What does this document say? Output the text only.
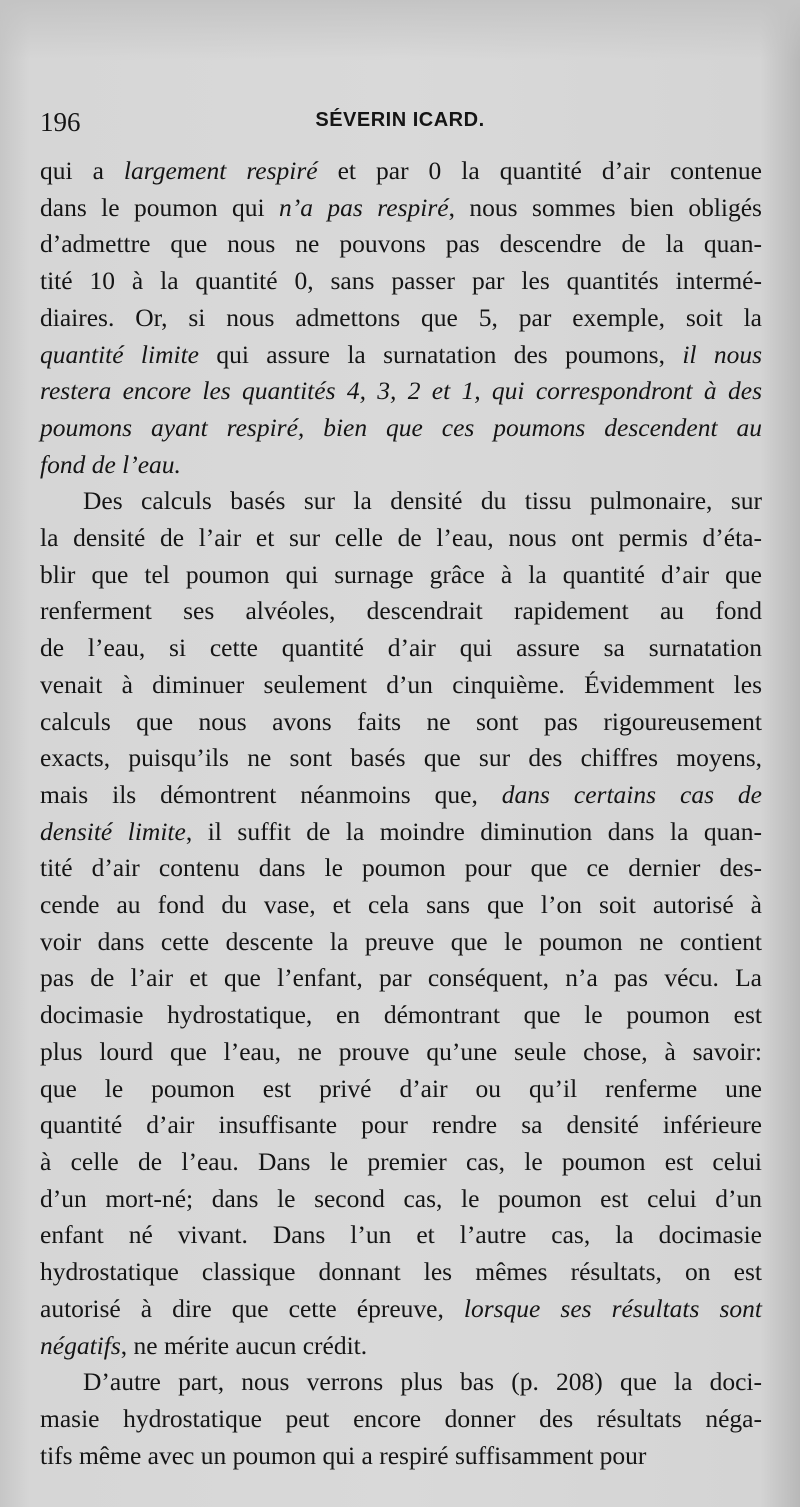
196	SÉVERIN ICARD.
qui a largement respiré et par 0 la quantité d’air contenue
dans le poumon qui n’a pas respiré, nous sommes bien obligés
d’admettre que nous ne pouvons pas descendre de la quan-
tité 10 à la quantité 0, sans passer par les quantités intermé-
diaires. Or, si nous admettons que 5, par exemple, soit la
quantité limite qui assure la surnatation des poumons, il nous
restera encore les quantités 4, 3, 2 et 1, qui correspondront à des
poumons ayant respiré, bien que ces poumons descendent au
fond de l’eau.
Des calculs basés sur la densité du tissu pulmonaire, sur
la densité de l’air et sur celle de l’eau, nous ont permis d’éta-
blir que tel poumon qui surnage grâce à la quantité d’air que
renferment ses alvéoles, descendrait rapidement au fond
de l’eau, si cette quantité d’air qui assure sa surnatation
venait à diminuer seulement d’un cinquième. Évidemment les
calculs que nous avons faits ne sont pas rigoureusement
exacts, puisqu’ils ne sont basés que sur des chiffres moyens,
mais ils démontrent néanmoins que, dans certains cas de
densité limite, il suffit de la moindre diminution dans la quan-
tité d’air contenu dans le poumon pour que ce dernier des-
cende au fond du vase, et cela sans que l’on soit autorisé à
voir dans cette descente la preuve que le poumon ne contient
pas de l’air et que l’enfant, par conséquent, n’a pas vécu. La
docimasie hydrostatique, en démontrant que le poumon est
plus lourd que l’eau, ne prouve qu’une seule chose, à savoir:
que le poumon est privé d’air ou qu’il renferme une
quantité d’air insuffisante pour rendre sa densité inférieure
à celle de l’eau. Dans le premier cas, le poumon est celui
d’un mort-né; dans le second cas, le poumon est celui d’un
enfant né vivant. Dans l’un et l’autre cas, la docimasie
hydrostatique classique donnant les mêmes résultats, on est
autorisé à dire que cette épreuve, lorsque ses résultats sont
négatifs, ne mérite aucun crédit.
D’autre part, nous verrons plus bas (p. 208) que la doci-
masie hydrostatique peut encore donner des résultats néga-
tifs même avec un poumon qui a respiré suffisamment pour
